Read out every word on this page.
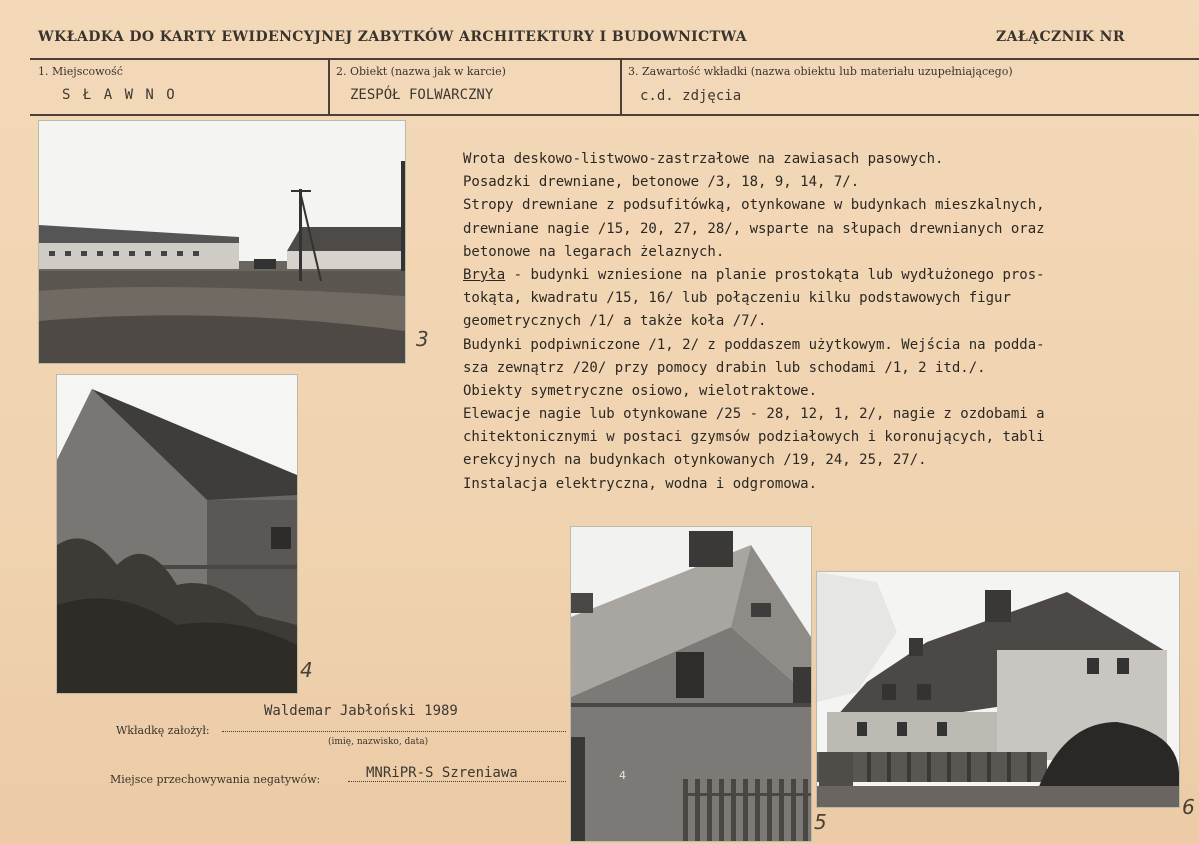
WKŁADKA DO KARTY EWIDENCYJNEJ ZABYTKÓW ARCHITEKTURY I BUDOWNICTWA	ZAŁĄCZNIK NR
1. Miejscowość
S Ł A W N O
2. Obiekt (nazwa jak w karcie)
ZESPÓŁ FOLWARCZNY
3. Zawartość wkładki (nazwa obiektu lub materiału uzupełniającego)
c.d. zdjęcia
3
4
Wrota deskowo-listwowo-zastrzałowe na zawiasach pasowych.
Posadzki drewniane, betonowe /3, 18, 9, 14, 7/.
Stropy drewniane z podsufitówką, otynkowane w budynkach mieszkalnych,
drewniane nagie /15, 20, 27, 28/, wsparte na słupach drewnianych oraz
betonowe na legarach żelaznych.
Bryła - budynki wzniesione na planie prostokąta lub wydłużonego pros-
tokąta, kwadratu /15, 16/ lub połączeniu kilku podstawowych figur
geometrycznych /1/ a także koła /7/.
Budynki podpiwniczone /1, 2/ z poddaszem użytkowym. Wejścia na podda-
sza zewnątrz /20/ przy pomocy drabin lub schodami /1, 2 itd./.
Obiekty symetryczne osiowo, wielotraktowe.
Elewacje nagie lub otynkowane /25 - 28, 12, 1, 2/, nagie z ozdobami a
chitektonicznymi w postaci gzymsów podziałowych i koronujących, tabli
erekcyjnych na budynkach otynkowanych /19, 24, 25, 27/.
Instalacja elektryczna, wodna i odgromowa.
4
5
6
Wkładkę założył:
Waldemar Jabłoński 1989
(imię, nazwisko, data)
Miejsce przechowywania negatywów:	MNRiPR-S Szreniawa
